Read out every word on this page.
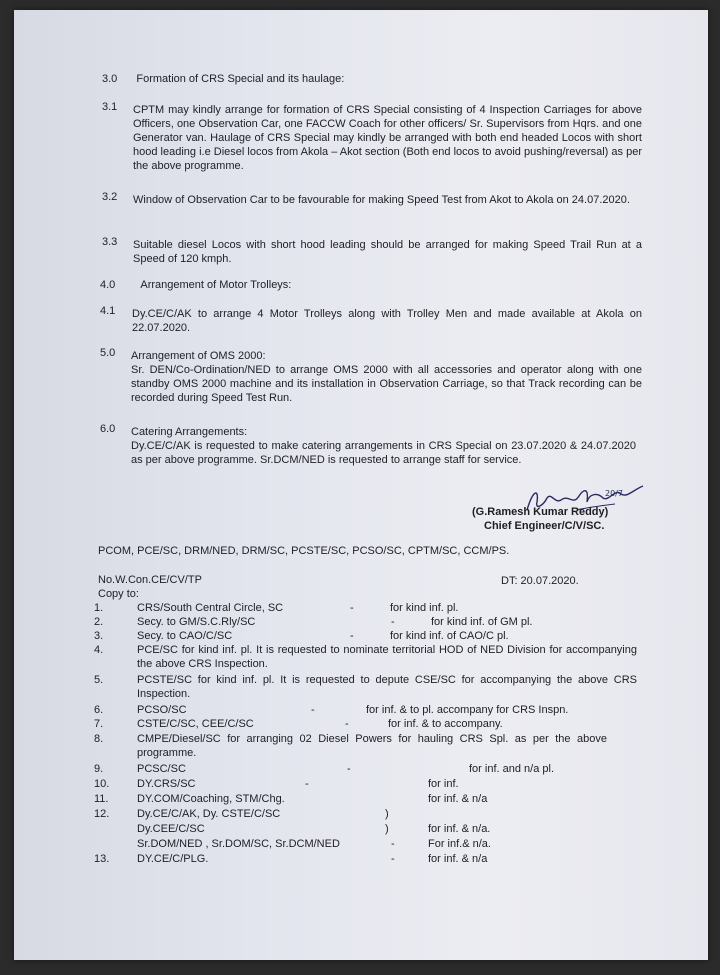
3.0 Formation of CRS Special and its haulage:
3.1 CPTM may kindly arrange for formation of CRS Special consisting of 4 Inspection Carriages for above Officers, one Observation Car, one FACCW Coach for other officers/ Sr. Supervisors from Hqrs. and one Generator van. Haulage of CRS Special may kindly be arranged with both end headed Locos with short hood leading i.e Diesel locos from Akola – Akot section (Both end locos to avoid pushing/reversal) as per the above programme.
3.2 Window of Observation Car to be favourable for making Speed Test from Akot to Akola on 24.07.2020.
3.3 Suitable diesel Locos with short hood leading should be arranged for making Speed Trail Run at a Speed of 120 kmph.
4.0 Arrangement of Motor Trolleys:
4.1 Dy.CE/C/AK to arrange 4 Motor Trolleys along with Trolley Men and made available at Akola on 22.07.2020.
5.0 Arrangement of OMS 2000:
Sr. DEN/Co-Ordination/NED to arrange OMS 2000 with all accessories and operator along with one standby OMS 2000 machine and its installation in Observation Carriage, so that Track recording can be recorded during Speed Test Run.
6.0 Catering Arrangements:
Dy.CE/C/AK is requested to make catering arrangements in CRS Special on 23.07.2020 & 24.07.2020 as per above programme. Sr.DCM/NED is requested to arrange staff for service.
20/7
(G.Ramesh Kumar Reddy)
Chief Engineer/C/V/SC.
PCOM, PCE/SC, DRM/NED, DRM/SC, PCSTE/SC, PCSO/SC, CPTM/SC, CCM/PS.
No.W.Con.CE/CV/TP	DT: 20.07.2020.
Copy to:
1.	CRS/South Central Circle, SC	-	for kind inf. pl.
2.	Secy. to GM/S.C.Rly/SC	-	for kind inf. of GM pl.
3.	Secy. to CAO/C/SC	-	for kind inf. of CAO/C pl.
4.	PCE/SC for kind inf. pl. It is requested to nominate territorial HOD of NED Division for accompanying the above CRS Inspection.
5.	PCSTE/SC for kind inf. pl. It is requested to depute CSE/SC for accompanying the above CRS Inspection.
6.	PCSO/SC	-	for inf. & to pl. accompany for CRS Inspn.
7.	CSTE/C/SC, CEE/C/SC	-	for inf. & to accompany.
8.	CMPE/Diesel/SC for arranging 02 Diesel Powers for hauling CRS Spl. as per the above programme.
9.	PCSC/SC	-	for inf. and n/a pl.
10.	DY.CRS/SC	-	for inf.
11.	DY.COM/Coaching, STM/Chg.	for inf. & n/a
12.	Dy.CE/C/AK, Dy. CSTE/C/SC	)
Dy.CEE/C/SC	)	for inf. & n/a.
Sr.DOM/NED , Sr.DOM/SC, Sr.DCM/NED	-	For inf.& n/a.
13.	DY.CE/C/PLG.	-	for inf. & n/a
